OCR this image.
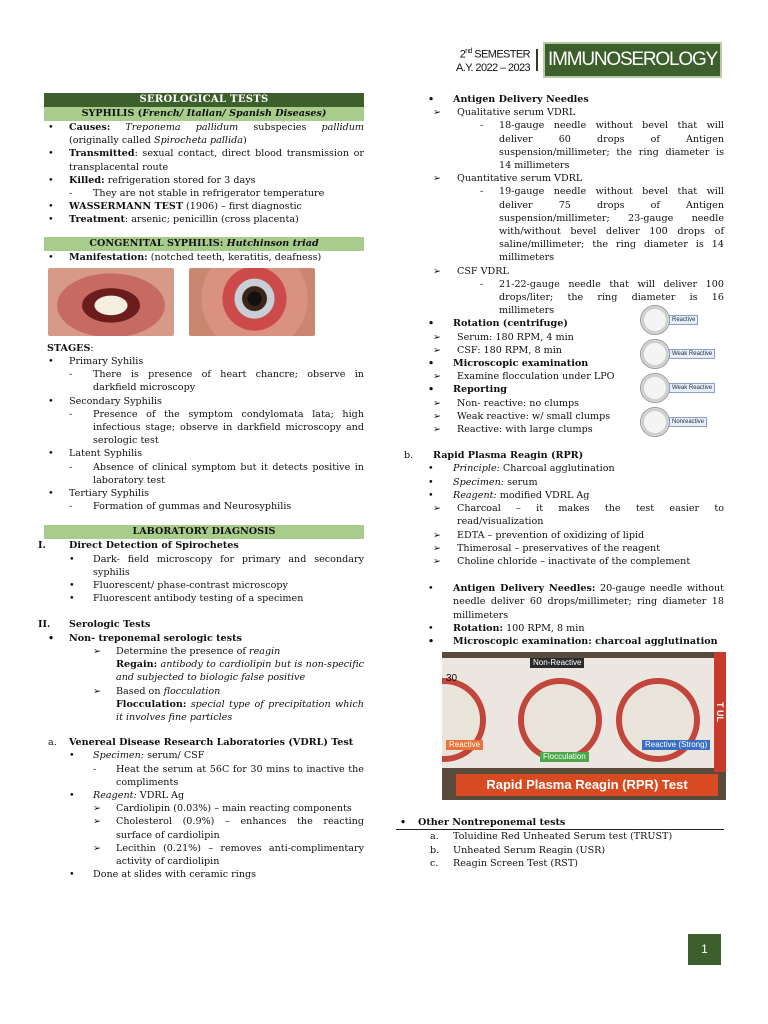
2nd SEMESTER
A.Y. 2022 – 2023 IMMUNOSEROLOGY
SEROLOGICAL TESTS
SYPHILIS (French/ Italian/ Spanish Diseases)
• Causes: Treponema pallidum subspecies pallidum (originally called Spirocheta pallida)
• Transmitted: sexual contact, direct blood transmission or transplacental route
• Killed: refrigeration stored for 3 days
- They are not stable in refrigerator temperature
• WASSERMANN TEST (1906) – first diagnostic
• Treatment: arsenic; penicillin (cross placenta)
CONGENITAL SYPHILIS: Hutchinson triad
• Manifestation: (notched teeth, keratitis, deafness)
STAGES:
• Primary Syhilis
- There is presence of heart chancre; observe in darkfield microscopy
• Secondary Syphilis
- Presence of the symptom condylomata lata; high infectious stage; observe in darkfield microscopy and serologic test
• Latent Syphilis
- Absence of clinical symptom but it detects positive in laboratory test
• Tertiary Syphilis
- Formation of gummas and Neurosyphilis
LABORATORY DIAGNOSIS
I. Direct Detection of Spirochetes
• Dark- field microscopy for primary and secondary syphilis
• Fluorescent/ phase-contrast microscopy
• Fluorescent antibody testing of a specimen
II. Serologic Tests
• Non- treponemal serologic tests
➢ Determine the presence of reagin
Regain: antibody to cardiolipin but is non-specific and subjected to biologic false positive
➢ Based on flocculation
Flocculation: special type of precipitation which it involves fine particles
a. Venereal Disease Research Laboratories (VDRL) Test
• Specimen: serum/ CSF
- Heat the serum at 56C for 30 mins to inactive the compliments
• Reagent: VDRL Ag
➢ Cardiolipin (0.03%) – main reacting components
➢ Cholesterol (0.9%) – enhances the reacting surface of cardiolipin
➢ Lecithin (0.21%) – removes anti-complimentary activity of cardiolipin
• Done at slides with ceramic rings
• Antigen Delivery Needles
➢ Qualitative serum VDRL
-	18-gauge needle without bevel that will deliver 60 drops of Antigen suspension/millimeter; the ring diameter is 14 millimeters
➢ Quantitative serum VDRL
-	19-gauge needle without bevel that will deliver 75 drops of Antigen suspension/millimeter; 23-gauge needle with/without bevel deliver 100 drops of saline/millimeter; the ring diameter is 14 millimeters
➢ CSF VDRL
-	21-22-gauge needle that will deliver 100 drops/liter; the ring diameter is 16 millimeters
• Rotation (centrifuge)
➢ Serum: 180 RPM, 4 min
➢ CSF: 180 RPM, 8 min
• Microscopic examination
➢ Examine flocculation under LPO
• Reporting
➢ Non- reactive: no clumps
➢ Weak reactive: w/ small clumps
➢ Reactive: with large clumps
Reactive
Weak Reactive
Weak Reactive
Nonreactive
b. Rapid Plasma Reagin (RPR)
• Principle: Charcoal agglutination
• Specimen: serum
• Reagent: modified VDRL Ag
➢ Charcoal – it makes the test easier to read/visualization
➢ EDTA – prevention of oxidizing of lipid
➢ Thimerosal – preservatives of the reagent
➢ Choline chloride – inactivate of the complement
• Antigen Delivery Needles: 20-gauge needle without needle deliver 60 drops/millimeter; ring diameter 18 millimeters
• Rotation: 100 RPM, 8 min
• Microscopic examination: charcoal agglutination
30
Non-Reactive
Reactive
Flocculation
Reactive (Strong)
T UL
Rapid Plasma Reagin (RPR) Test
• Other Nontreponemal tests
a. Toluidine Red Unheated Serum test (TRUST)
b. Unheated Serum Reagin (USR)
c. Reagin Screen Test (RST)
1
